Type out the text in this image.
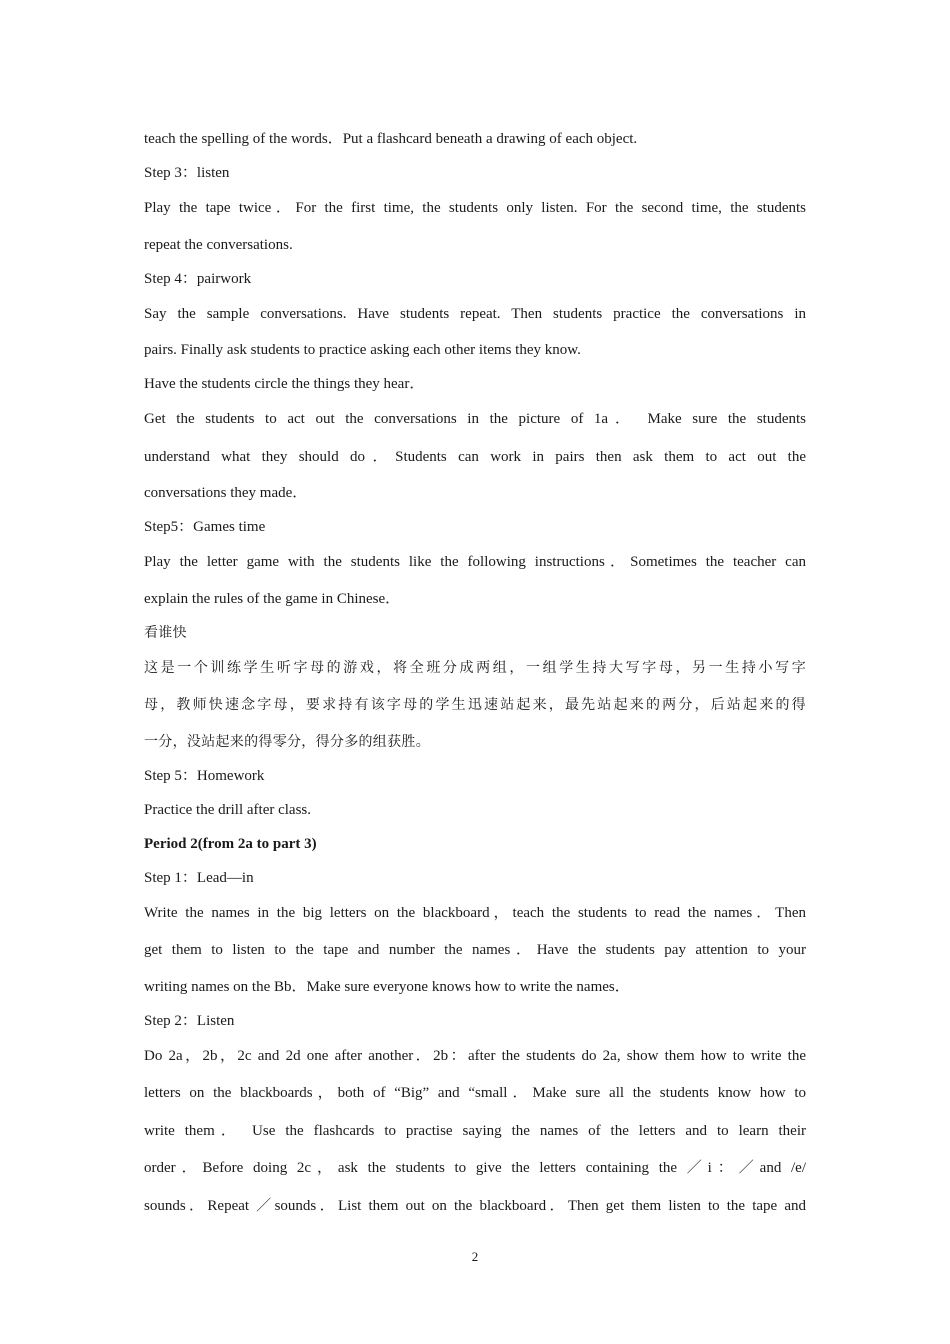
teach the spelling of the words．Put a flashcard beneath a drawing of each object.

Step 3：listen

Play the tape twice．For the first time, the students only listen. For the second time, the students

repeat the conversations.

Step 4：pairwork

Say the sample conversations. Have students repeat. Then students practice the conversations in

pairs. Finally ask students to practice asking each other items they know.

Have the students circle the things they hear．

Get the students to act out the conversations in the picture of 1a． Make sure the students

understand what they should do．Students can work in pairs then ask them to act out the

conversations they made．

Step5：Games time

Play the letter game with the students like the following instructions．Sometimes the teacher can

explain the rules of the game in Chinese．

看谁快

这是一个训练学生听字母的游戏，将全班分成两组，一组学生持大写字母，另一生持小写字

母，教师快速念字母，要求持有该字母的学生迅速站起来，最先站起来的两分，后站起来的得

一分，没站起来的得零分，得分多的组获胜。

Step 5：Homework

Practice the drill after class.

Period 2(from 2a to part 3)

Step 1：Lead—in

Write the names in the big letters on the blackboard，teach the students to read the names．Then

get them to listen to the tape and number the names．Have the students pay attention to your

writing names on the Bb．Make sure everyone knows how to write the names．

Step 2：Listen

Do 2a，2b，2c and 2d one after another．2b：after the students do 2a, show them how to write the

letters on the blackboards，both of “Big” and “small．Make sure all the students know how to

write them． Use the flashcards to practise saying the names of the letters and to learn their

order．Before doing 2c，ask the students to give the letters containing the ／i：／and /e/

sounds．Repeat ／sounds．List them out on the blackboard．Then get them listen to the tape and

2
